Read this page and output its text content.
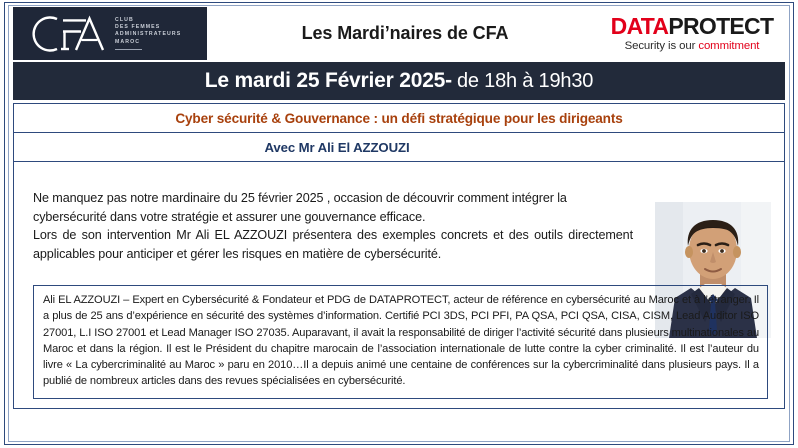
CLUB
DES FEMMES
ADMINISTRATEURS
MAROC	Les Mardi’naires de CFA	DATAPROTECT
Security is our commitment
Le mardi 25 Février 2025- de 18h à 19h30
Cyber sécurité & Gouvernance : un défi stratégique pour les dirigeants
Avec Mr Ali El AZZOUZI

Ne manquez pas notre mardinaire du 25 février 2025 , occasion de découvrir comment intégrer la cybersécurité dans votre stratégie et assurer une gouvernance efficace.

Lors de son intervention Mr Ali EL AZZOUZI présentera des exemples concrets et des outils directement applicables pour anticiper et gérer les risques en matière de cybersécurité.

Ali EL AZZOUZI – Expert en Cybersécurité & Fondateur et PDG de DATAPROTECT, acteur de référence en cybersécurité au Maroc et à l’étranger. Il a plus de 25 ans d’expérience en sécurité des systèmes d’information. Certifié PCI 3DS, PCI PFI, PA QSA, PCI QSA, CISA, CISM, Lead Auditor ISO 27001, L.I ISO 27001 et Lead Manager ISO 27035. Auparavant, il avait la responsabilité de diriger l’activité sécurité dans plusieurs multinationales au Maroc et dans la région. Il est le Président du chapitre marocain de l’association internationale de lutte contre la cyber criminalité. Il est l’auteur du livre « La cybercriminalité au Maroc » paru en 2010…Il a depuis animé une centaine de conférences sur la cybercriminalité dans plusieurs pays. Il a publié de nombreux articles dans des revues spécialisées en cybersécurité.
